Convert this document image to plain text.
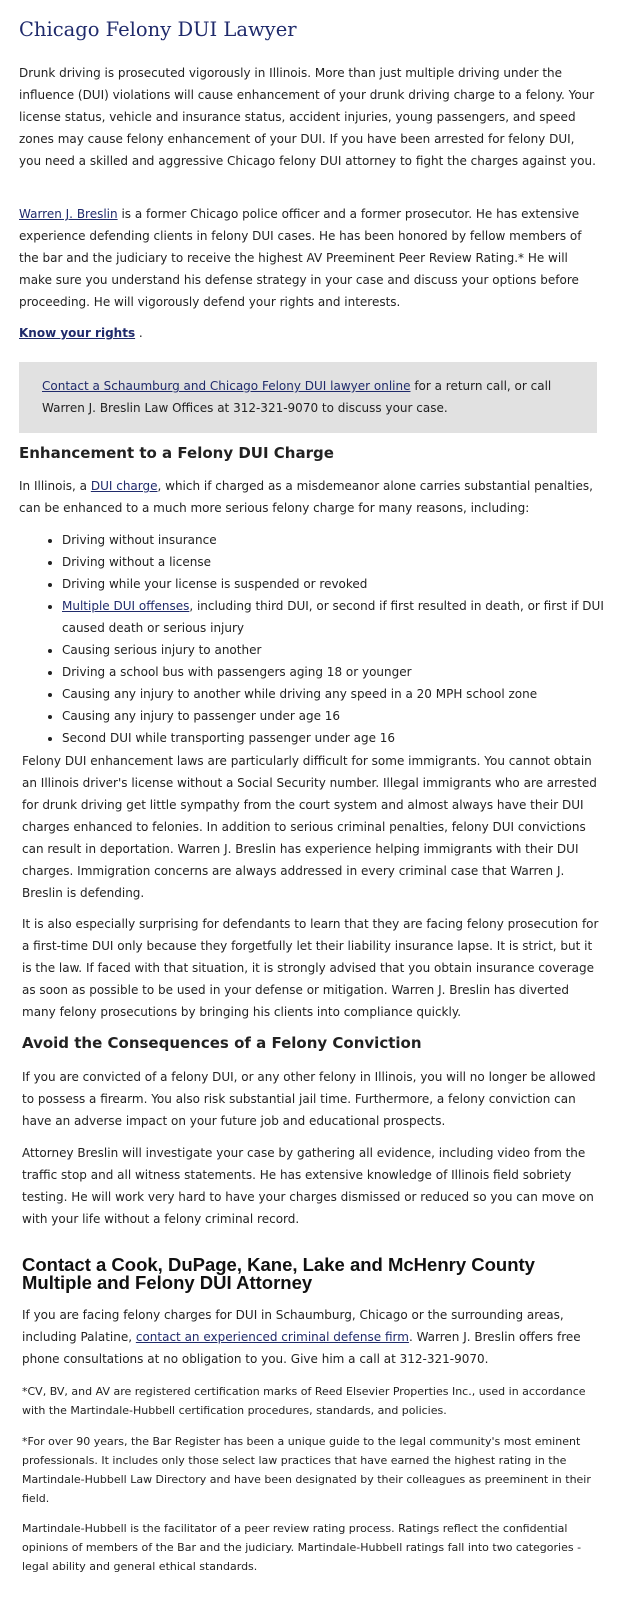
Chicago Felony DUI Lawyer

Drunk driving is prosecuted vigorously in Illinois. More than just multiple driving under the influence (DUI) violations will cause enhancement of your drunk driving charge to a felony. Your license status, vehicle and insurance status, accident injuries, young passengers, and speed zones may cause felony enhancement of your DUI. If you have been arrested for felony DUI, you need a skilled and aggressive Chicago felony DUI attorney to fight the charges against you.

Warren J. Breslin is a former Chicago police officer and a former prosecutor. He has extensive experience defending clients in felony DUI cases. He has been honored by fellow members of the bar and the judiciary to receive the highest AV Preeminent Peer Review Rating.* He will make sure you understand his defense strategy in your case and discuss your options before proceeding. He will vigorously defend your rights and interests.

Know your rights .

Contact a Schaumburg and Chicago Felony DUI lawyer online for a return call, or call Warren J. Breslin Law Offices at 312-321-9070 to discuss your case.

Enhancement to a Felony DUI Charge

In Illinois, a DUI charge, which if charged as a misdemeanor alone carries substantial penalties, can be enhanced to a much more serious felony charge for many reasons, including:

• Driving without insurance
• Driving without a license
• Driving while your license is suspended or revoked
• Multiple DUI offenses, including third DUI, or second if first resulted in death, or first if DUI caused death or serious injury
• Causing serious injury to another
• Driving a school bus with passengers aging 18 or younger
• Causing any injury to another while driving any speed in a 20 MPH school zone
• Causing any injury to passenger under age 16
• Second DUI while transporting passenger under age 16

Felony DUI enhancement laws are particularly difficult for some immigrants. You cannot obtain an Illinois driver's license without a Social Security number. Illegal immigrants who are arrested for drunk driving get little sympathy from the court system and almost always have their DUI charges enhanced to felonies. In addition to serious criminal penalties, felony DUI convictions can result in deportation. Warren J. Breslin has experience helping immigrants with their DUI charges. Immigration concerns are always addressed in every criminal case that Warren J. Breslin is defending.

It is also especially surprising for defendants to learn that they are facing felony prosecution for a first-time DUI only because they forgetfully let their liability insurance lapse. It is strict, but it is the law. If faced with that situation, it is strongly advised that you obtain insurance coverage as soon as possible to be used in your defense or mitigation. Warren J. Breslin has diverted many felony prosecutions by bringing his clients into compliance quickly.

Avoid the Consequences of a Felony Conviction

If you are convicted of a felony DUI, or any other felony in Illinois, you will no longer be allowed to possess a firearm. You also risk substantial jail time. Furthermore, a felony conviction can have an adverse impact on your future job and educational prospects.

Attorney Breslin will investigate your case by gathering all evidence, including video from the traffic stop and all witness statements. He has extensive knowledge of Illinois field sobriety testing. He will work very hard to have your charges dismissed or reduced so you can move on with your life without a felony criminal record.

Contact a Cook, DuPage, Kane, Lake and McHenry County Multiple and Felony DUI Attorney

If you are facing felony charges for DUI in Schaumburg, Chicago or the surrounding areas, including Palatine, contact an experienced criminal defense firm. Warren J. Breslin offers free phone consultations at no obligation to you. Give him a call at 312-321-9070.

*CV, BV, and AV are registered certification marks of Reed Elsevier Properties Inc., used in accordance with the Martindale-Hubbell certification procedures, standards, and policies.

*For over 90 years, the Bar Register has been a unique guide to the legal community's most eminent professionals. It includes only those select law practices that have earned the highest rating in the Martindale-Hubbell Law Directory and have been designated by their colleagues as preeminent in their field.

Martindale-Hubbell is the facilitator of a peer review rating process. Ratings reflect the confidential opinions of members of the Bar and the judiciary. Martindale-Hubbell ratings fall into two categories - legal ability and general ethical standards.
